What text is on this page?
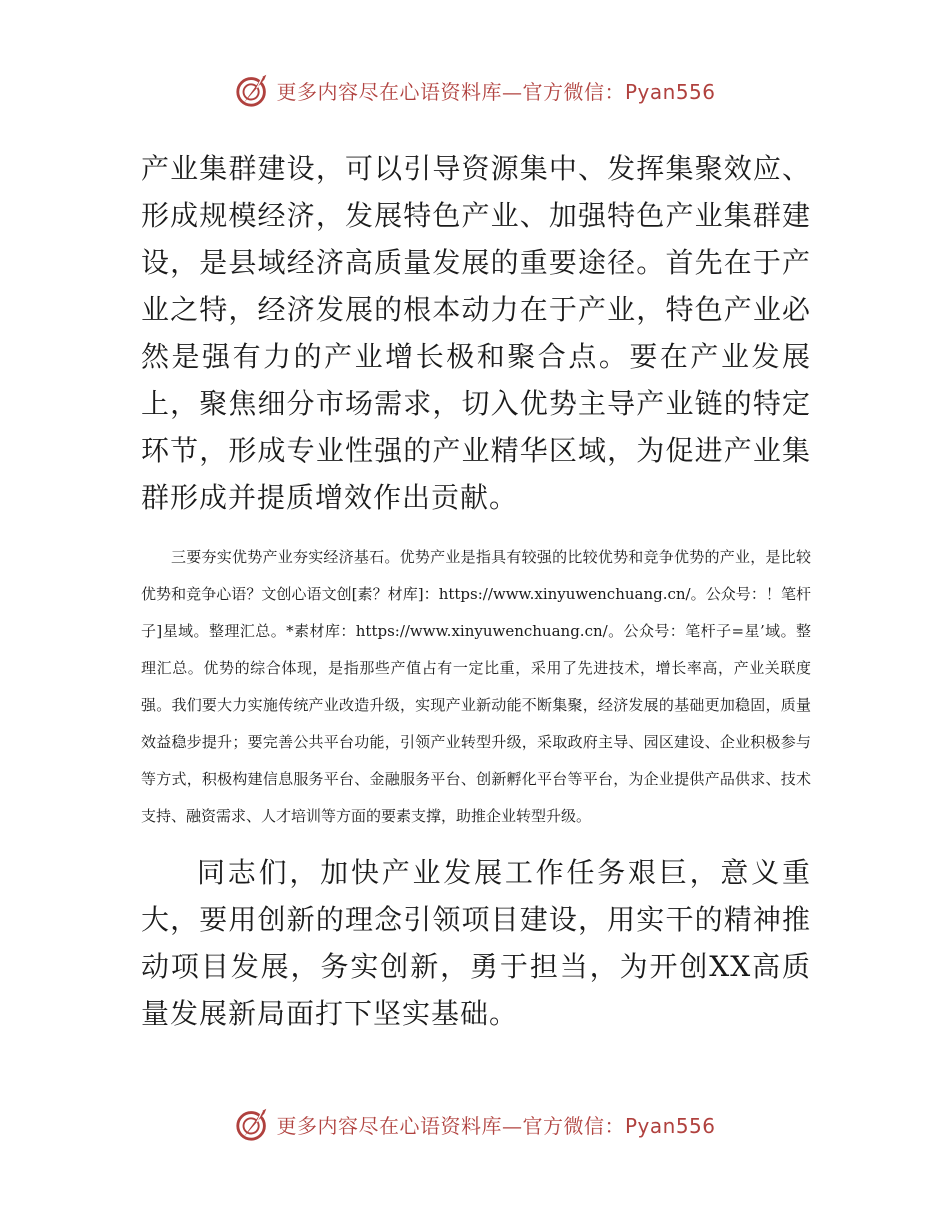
更多内容尽在心语资料库—官方微信：Pyan556

产业集群建设，可以引导资源集中、发挥集聚效应、形成规模经济，发展特色产业、加强特色产业集群建设，是县域经济高质量发展的重要途径。首先在于产业之特，经济发展的根本动力在于产业，特色产业必然是强有力的产业增长极和聚合点。要在产业发展上，聚焦细分市场需求，切入优势主导产业链的特定环节，形成专业性强的产业精华区域，为促进产业集群形成并提质增效作出贡献。

三要夯实优势产业夯实经济基石。优势产业是指具有较强的比较优势和竞争优势的产业，是比较优势和竞争心语？文创心语文创[素？材库]：https://www.xinyuwenchuang.cn/。公众号：！笔杆子]星域。整理汇总。*素材库：https://www.xinyuwenchuang.cn/。公众号：笔杆子=星’域。整理汇总。优势的综合体现，是指那些产值占有一定比重，采用了先进技术，增长率高，产业关联度强。我们要大力实施传统产业改造升级，实现产业新动能不断集聚，经济发展的基础更加稳固，质量效益稳步提升；要完善公共平台功能，引领产业转型升级，采取政府主导、园区建设、企业积极参与等方式，积极构建信息服务平台、金融服务平台、创新孵化平台等平台，为企业提供产品供求、技术支持、融资需求、人才培训等方面的要素支撑，助推企业转型升级。

同志们，加快产业发展工作任务艰巨，意义重大，要用创新的理念引领项目建设，用实干的精神推动项目发展，务实创新，勇于担当，为开创XX高质量发展新局面打下坚实基础。

更多内容尽在心语资料库—官方微信：Pyan556
